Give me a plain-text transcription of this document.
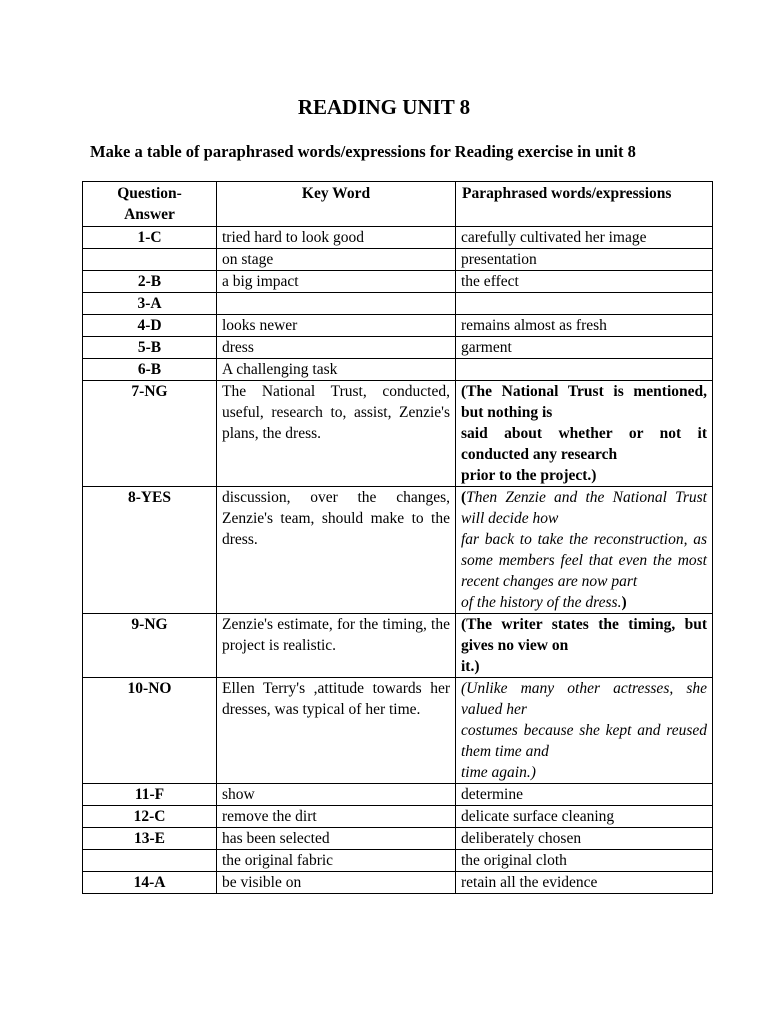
READING UNIT 8
Make a table of paraphrased words/expressions for Reading exercise in unit 8
Question-
Answer	Key Word	Paraphrased words/expressions
1-C	tried hard to look good	carefully cultivated her image
	on stage	presentation
2-B	a big impact	the effect
3-A		
4-D	looks newer	remains almost as fresh
5-B	dress	garment
6-B	A challenging task	
7-NG	The National Trust, conducted, useful, research to, assist, Zenzie's plans, the dress.	(The National Trust is mentioned, but nothing is
said about whether or not it conducted any research
prior to the project.)

8-YES	discussion, over the changes, Zenzie's team, should make to the dress.	(Then Zenzie and the National Trust will decide how
far back to take the reconstruction, as some members feel that even the most recent changes are now part
of the history of the dress.)

9-NG	Zenzie's estimate, for the timing, the project is realistic.	(The writer states the timing, but gives no view on
it.)

10-NO	Ellen Terry's ,attitude towards her dresses, was typical of her time.	(Unlike many other actresses, she valued her
costumes because she kept and reused them time and
time again.)

11-F	show	determine
12-C	remove the dirt	delicate surface cleaning
13-E	has been selected	deliberately chosen
	the original fabric	the original cloth
14-A	be visible on	retain all the evidence
